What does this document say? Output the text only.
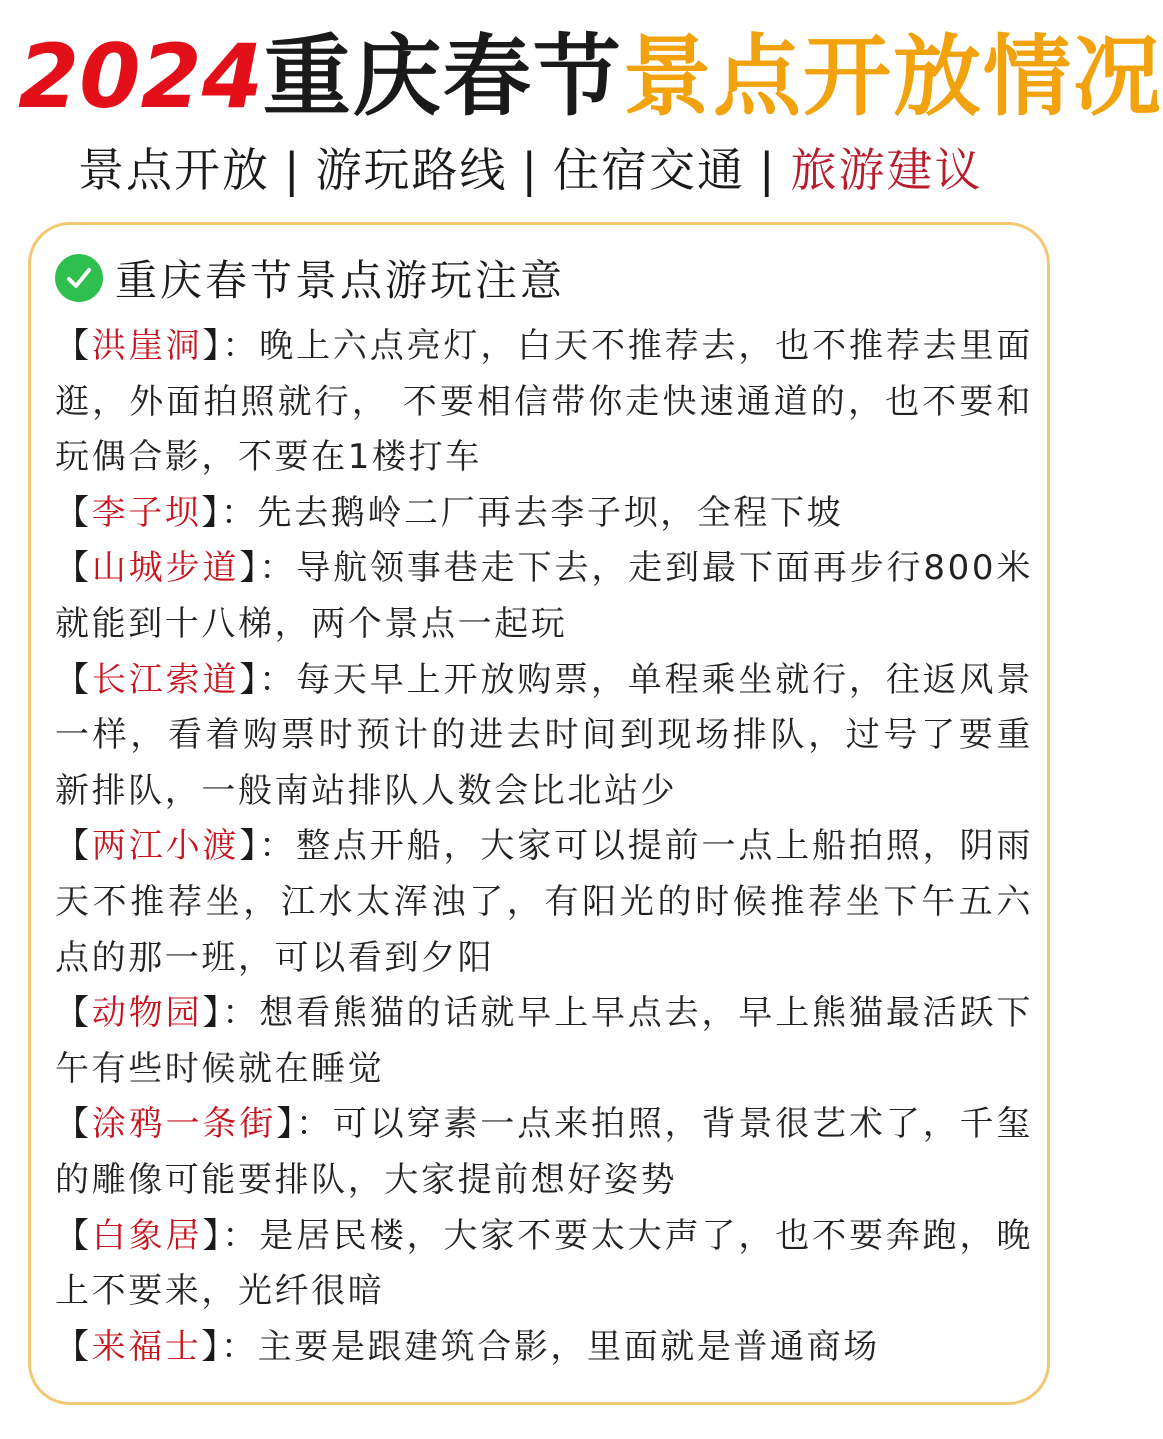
2024重庆春节景点开放情况
景点开放 | 游玩路线 | 住宿交通 | 旅游建议
重庆春节景点游玩注意

【洪崖洞】：晚上六点亮灯，白天不推荐去，也不推荐去里面逛，外面拍照就行， 不要相信带你走快速通道的，也不要和玩偶合影，不要在1楼打车

【李子坝】：先去鹅岭二厂再去李子坝，全程下坡

【山城步道】：导航领事巷走下去，走到最下面再步行800米就能到十八梯，两个景点一起玩

【长江索道】：每天早上开放购票，单程乘坐就行，往返风景一样，看着购票时预计的进去时间到现场排队，过号了要重新排队，一般南站排队人数会比北站少

【两江小渡】：整点开船，大家可以提前一点上船拍照，阴雨天不推荐坐，江水太浑浊了，有阳光的时候推荐坐下午五六点的那一班，可以看到夕阳

【动物园】：想看熊猫的话就早上早点去，早上熊猫最活跃下午有些时候就在睡觉

【涂鸦一条街】：可以穿素一点来拍照，背景很艺术了，千玺的雕像可能要排队，大家提前想好姿势

【白象居】：是居民楼，大家不要太大声了，也不要奔跑，晚上不要来，光纤很暗

【来福士】：主要是跟建筑合影，里面就是普通商场
